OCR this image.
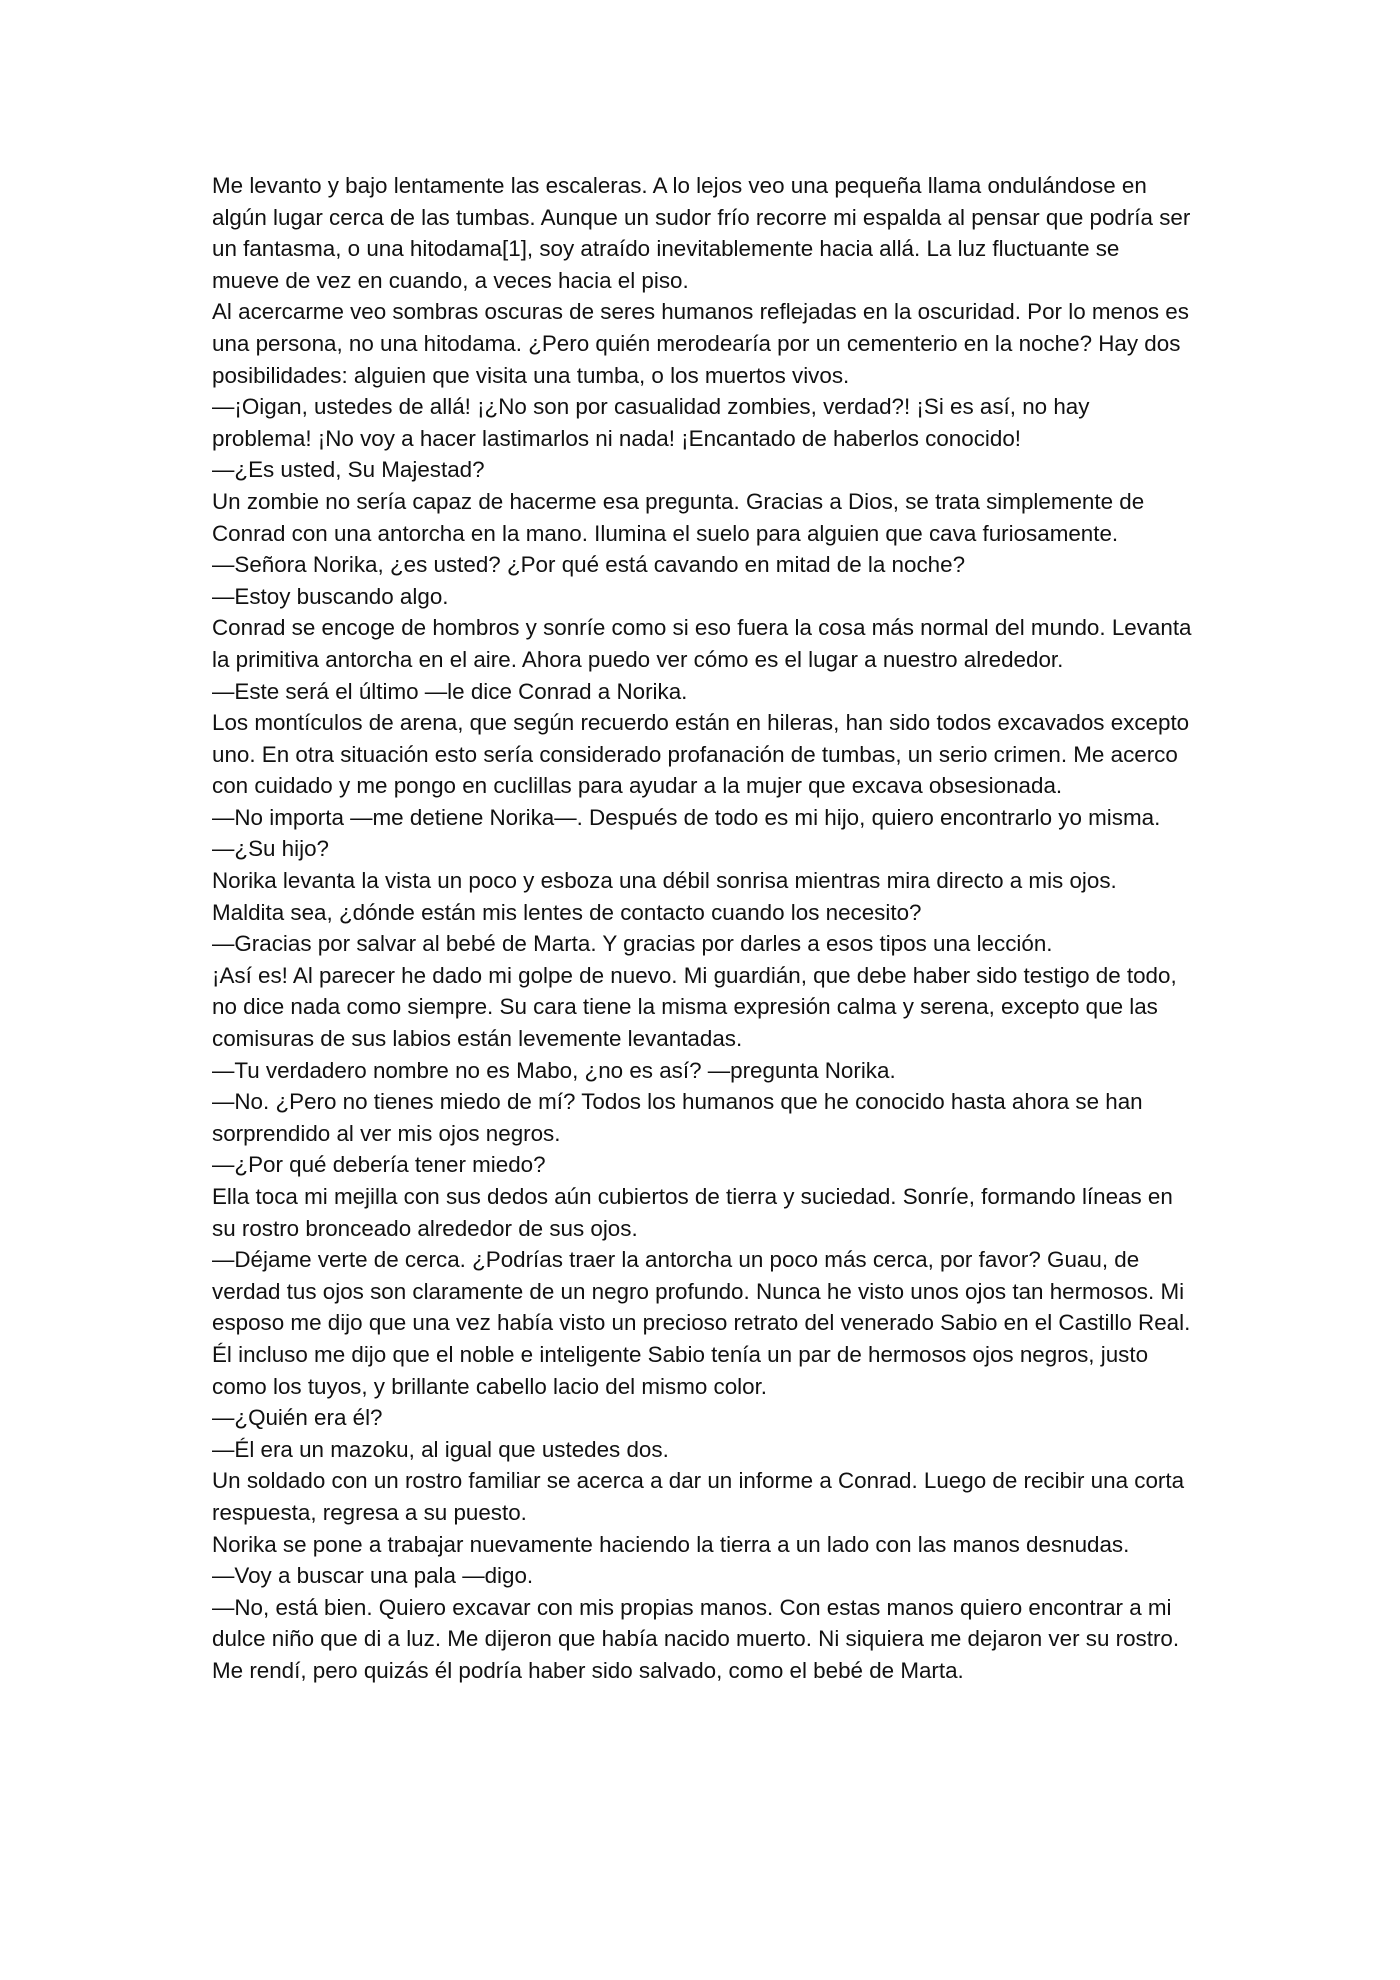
Me levanto y bajo lentamente las escaleras. A lo lejos veo una pequeña llama ondulándose en algún lugar cerca de las tumbas. Aunque un sudor frío recorre mi espalda al pensar que podría ser un fantasma, o una hitodama[1], soy atraído inevitablemente hacia allá. La luz fluctuante se mueve de vez en cuando, a veces hacia el piso.

Al acercarme veo sombras oscuras de seres humanos reflejadas en la oscuridad. Por lo menos es una persona, no una hitodama. ¿Pero quién merodearía por un cementerio en la noche? Hay dos posibilidades: alguien que visita una tumba, o los muertos vivos.

—¡Oigan, ustedes de allá! ¡¿No son por casualidad zombies, verdad?! ¡Si es así, no hay problema! ¡No voy a hacer lastimarlos ni nada! ¡Encantado de haberlos conocido!

—¿Es usted, Su Majestad?

Un zombie no sería capaz de hacerme esa pregunta. Gracias a Dios, se trata simplemente de Conrad con una antorcha en la mano. Ilumina el suelo para alguien que cava furiosamente.

—Señora Norika, ¿es usted? ¿Por qué está cavando en mitad de la noche?

—Estoy buscando algo.

Conrad se encoge de hombros y sonríe como si eso fuera la cosa más normal del mundo. Levanta la primitiva antorcha en el aire. Ahora puedo ver cómo es el lugar a nuestro alrededor.

—Este será el último —le dice Conrad a Norika.

Los montículos de arena, que según recuerdo están en hileras, han sido todos excavados excepto uno. En otra situación esto sería considerado profanación de tumbas, un serio crimen. Me acerco con cuidado y me pongo en cuclillas para ayudar a la mujer que excava obsesionada.

—No importa —me detiene Norika—. Después de todo es mi hijo, quiero encontrarlo yo misma.

—¿Su hijo?

Norika levanta la vista un poco y esboza una débil sonrisa mientras mira directo a mis ojos. Maldita sea, ¿dónde están mis lentes de contacto cuando los necesito?

—Gracias por salvar al bebé de Marta. Y gracias por darles a esos tipos una lección.

¡Así es! Al parecer he dado mi golpe de nuevo. Mi guardián, que debe haber sido testigo de todo, no dice nada como siempre. Su cara tiene la misma expresión calma y serena, excepto que las comisuras de sus labios están levemente levantadas.

—Tu verdadero nombre no es Mabo, ¿no es así? —pregunta Norika.

—No. ¿Pero no tienes miedo de mí? Todos los humanos que he conocido hasta ahora se han sorprendido al ver mis ojos negros.

—¿Por qué debería tener miedo?

Ella toca mi mejilla con sus dedos aún cubiertos de tierra y suciedad. Sonríe, formando líneas en su rostro bronceado alrededor de sus ojos.

—Déjame verte de cerca. ¿Podrías traer la antorcha un poco más cerca, por favor? Guau, de verdad tus ojos son claramente de un negro profundo. Nunca he visto unos ojos tan hermosos. Mi esposo me dijo que una vez había visto un precioso retrato del venerado Sabio en el Castillo Real. Él incluso me dijo que el noble e inteligente Sabio tenía un par de hermosos ojos negros, justo como los tuyos, y brillante cabello lacio del mismo color.

—¿Quién era él?

—Él era un mazoku, al igual que ustedes dos.

Un soldado con un rostro familiar se acerca a dar un informe a Conrad. Luego de recibir una corta respuesta, regresa a su puesto.

Norika se pone a trabajar nuevamente haciendo la tierra a un lado con las manos desnudas.

—Voy a buscar una pala —digo.

—No, está bien. Quiero excavar con mis propias manos. Con estas manos quiero encontrar a mi dulce niño que di a luz. Me dijeron que había nacido muerto. Ni siquiera me dejaron ver su rostro. Me rendí, pero quizás él podría haber sido salvado, como el bebé de Marta.
